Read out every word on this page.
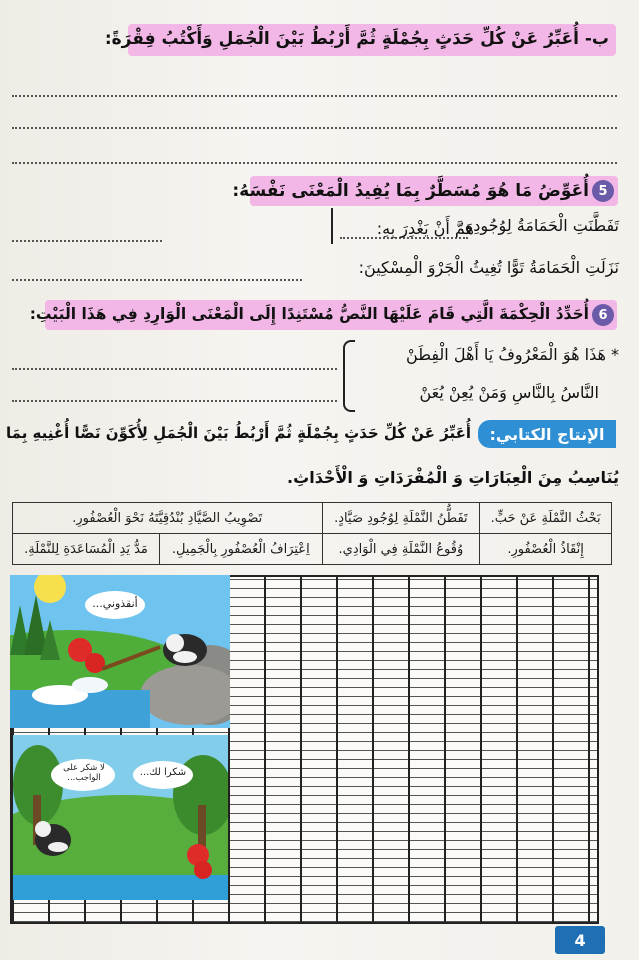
ب- أُعَبِّرُ عَنْ كُلِّ حَدَثٍ بِجُمْلَةٍ ثُمَّ أَرْبُطُ بَيْنَ الْجُمَلِ وَأَكْتُبُ فِقْرَةً:
5
أُعَوِّضُ مَا هُوَ مُسَطَّرٌ بِمَا يُفِيدُ الْمَعْنَى نَفْسَهُ:
تَفَطَّنَتِ الْحَمَامَةُ لِوُجُودِهِ:
هَمَّ أَنْ يَغْدِرَ بِهِ:
نَزَلَتِ الْحَمَامَةُ تَوًّا تُغِيثُ الْجَرْوَ الْمِسْكِينَ:
6
أُحَدِّدُ الْحِكْمَةَ الَّتِي قَامَ عَلَيْهَا النَّصُّ مُسْتَنِدًا إِلَى الْمَعْنَى الْوَارِدِ فِي هَذَا الْبَيْتِ:
* هَذَا هُوَ الْمَعْرُوفُ يَا أَهْلَ الْفِطَنْ
النَّاسُ بِالنَّاسِ وَمَنْ يُعِنْ يُعَنْ
الإنتاج الكتابي:
أُعَبِّرُ عَنْ كُلِّ حَدَثٍ بِجُمْلَةٍ ثُمَّ أَرْبُطُ بَيْنَ الْجُمَلِ لِأُكَوِّنَ نَصًّا أُغْنِيهِ بِمَا
يُنَاسِبُ مِنَ الْعِبَارَاتِ وَ الْمُفْرَدَاتِ وَ الْأَحْدَاثِ.
بَحْثُ النَّمْلَةِ عَنْ حَبٍّ.	تَفَطُّنُ النَّمْلَةِ لِوُجُودِ صَيَّادٍ.	تَصْوِيبُ الصَّيَّادِ بُنْدُقِيَّتَهُ نَحْوَ الْعُصْفُورِ.	
إِنْقَاذُ الْعُصْفُورِ.	وُقُوعُ النَّمْلَةِ فِي الْوَادِي.	اِعْتِرَافُ الْعُصْفُورِ بِالْجَمِيلِ.	مَدُّ يَدِ الْمُسَاعَدَةِ لِلنَّمْلَةِ.
أنقذوني...
لا شكر على الواجب...	شكرا لك...
4
